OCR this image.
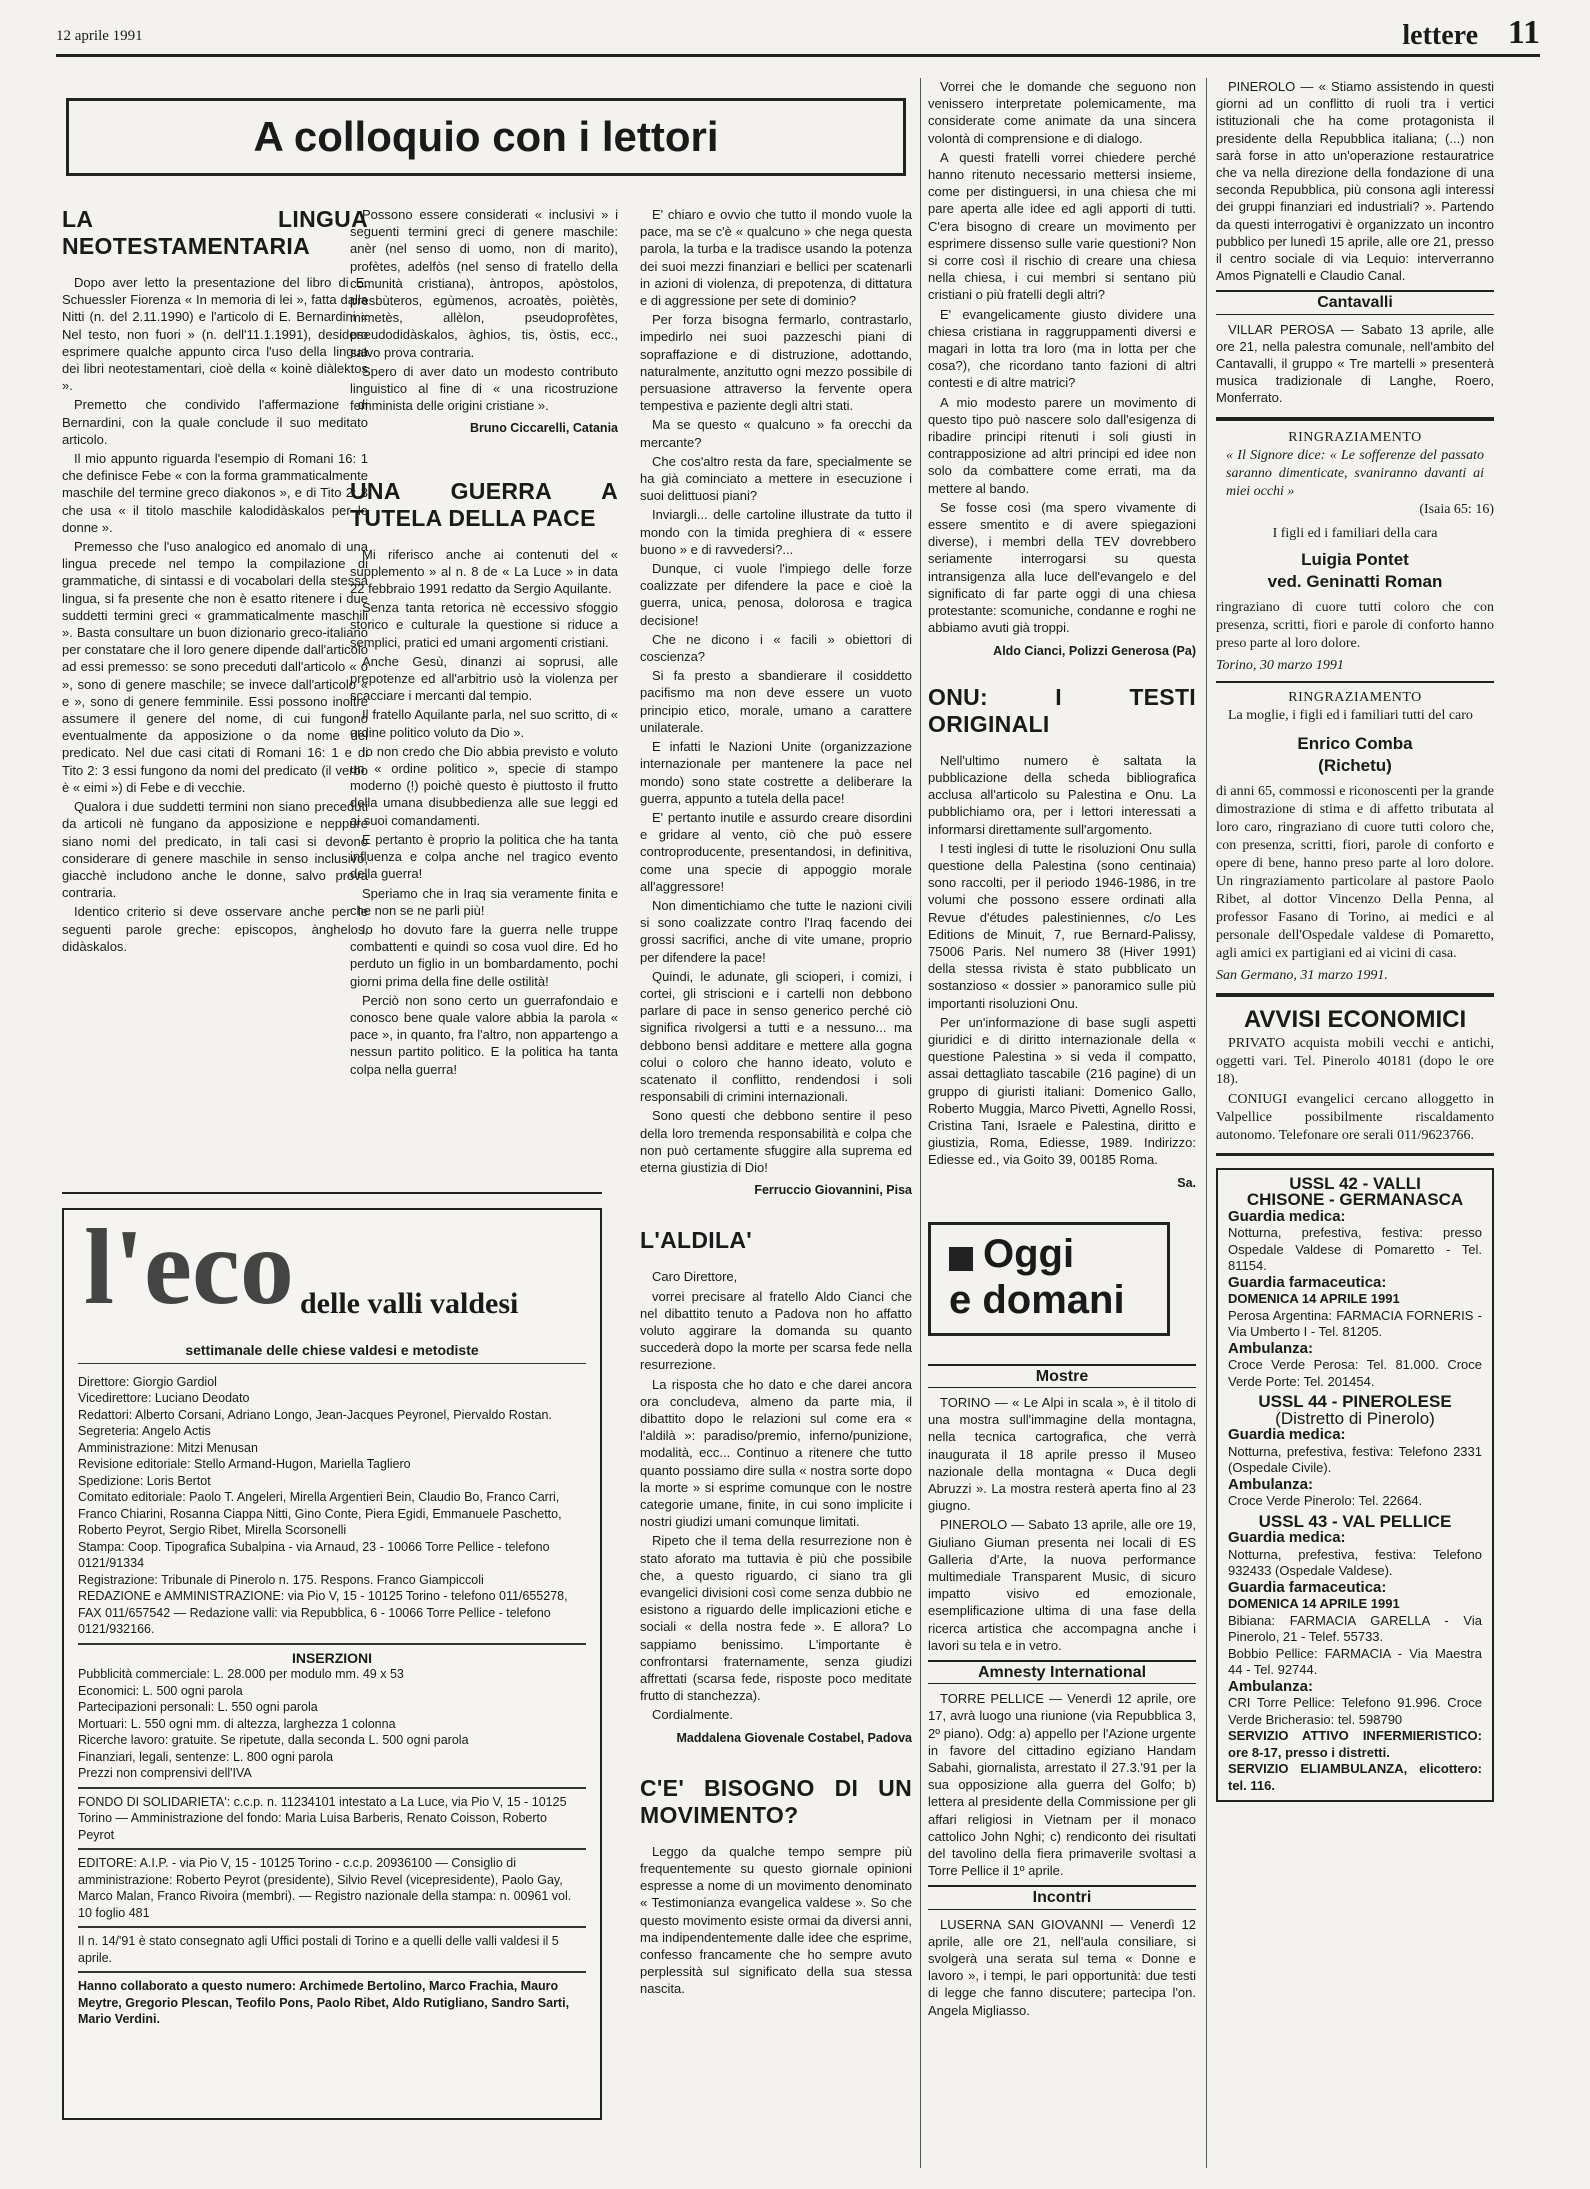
12 aprile 1991	lettere 11
A colloquio con i lettori
LA LINGUA NEOTESTAMENTARIA

Dopo aver letto la presentazione del libro di E. Schuessler Fiorenza « In memoria di lei », fatta dalla Nitti (n. del 2.11.1990) e l'articolo di E. Bernardini « Nel testo, non fuori » (n. dell'11.1.1991), desidero esprimere qualche appunto circa l'uso della lingua dei libri neotestamentari, cioè della « koinè diàlektos ».

Premetto che condivido l'affermazione di Bernardini, con la quale conclude il suo meditato articolo.

Il mio appunto riguarda l'esempio di Romani 16: 1 che definisce Febe « con la forma grammaticalmente maschile del termine greco diakonos », e di Tito 2: 3 che usa « il titolo maschile kalodidàskalos per le donne ».

Premesso che l'uso analogico ed anomalo di una lingua precede nel tempo la compilazione di grammatiche, di sintassi e di vocabolari della stessa lingua, si fa presente che non è esatto ritenere i due suddetti termini greci « grammaticalmente maschili ». Basta consultare un buon dizionario greco-italiano per constatare che il loro genere dipende dall'articolo ad essi premesso: se sono preceduti dall'articolo « o », sono di genere maschile; se invece dall'articolo « e », sono di genere femminile. Essi possono inoltre assumere il genere del nome, di cui fungono eventualmente da apposizione o da nome del predicato. Nel due casi citati di Romani 16: 1 e di Tito 2: 3 essi fungono da nomi del predicato (il verbo è « eimi ») di Febe e di vecchie.

Qualora i due suddetti termini non siano preceduti da articoli nè fungano da apposizione e neppure siano nomi del predicato, in tali casi si devono considerare di genere maschile in senso inclusivo, giacchè includono anche le donne, salvo prova contraria.

Identico criterio si deve osservare anche per le seguenti parole greche: episcopos, ànghelos, didàskalos.

Possono essere considerati « inclusivi » i seguenti termini greci di genere maschile: anèr (nel senso di uomo, non di marito), profètes, adelfòs (nel senso di fratello della comunità cristiana), àntropos, apòstolos, presbùteros, egùmenos, acroatès, poiètès, mimetès, allèlon, pseudoprofètes, pseudodidàskalos, àghios, tis, òstis, ecc., salvo prova contraria.

Spero di aver dato un modesto contributo linguistico al fine di « una ricostruzione femminista delle origini cristiane ».

Bruno Ciccarelli, Catania
UNA GUERRA A TUTELA DELLA PACE

Mi riferisco anche ai contenuti del « supplemento » al n. 8 de « La Luce » in data 22 febbraio 1991 redatto da Sergio Aquilante.

Senza tanta retorica nè eccessivo sfoggio storico e culturale la questione si riduce a semplici, pratici ed umani argomenti cristiani.

Anche Gesù, dinanzi ai soprusi, alle prepotenze ed all'arbitrio usò la violenza per scacciare i mercanti dal tempio.

Il fratello Aquilante parla, nel suo scritto, di « ordine politico voluto da Dio ».

Io non credo che Dio abbia previsto e voluto un « ordine politico », specie di stampo moderno (!) poichè questo è piuttosto il frutto della umana disubbedienza alle sue leggi ed ai suoi comandamenti.

E pertanto è proprio la politica che ha tanta influenza e colpa anche nel tragico evento della guerra!

Speriamo che in Iraq sia veramente finita e che non se ne parli più!

Io ho dovuto fare la guerra nelle truppe combattenti e quindi so cosa vuol dire. Ed ho perduto un figlio in un bombardamento, pochi giorni prima della fine delle ostilità!

Perciò non sono certo un guerrafondaio e conosco bene quale valore abbia la parola « pace », in quanto, fra l'altro, non appartengo a nessun partito politico. E la politica ha tanta colpa nella guerra!

E' chiaro e ovvio che tutto il mondo vuole la pace, ma se c'è « qualcuno » che nega questa parola, la turba e la tradisce usando la potenza dei suoi mezzi finanziari e bellici per scatenarli in azioni di violenza, di prepotenza, di dittatura e di aggressione per sete di dominio?

Per forza bisogna fermarlo, contrastarlo, impedirlo nei suoi pazzeschi piani di sopraffazione e di distruzione, adottando, naturalmente, anzitutto ogni mezzo possibile di persuasione attraverso la fervente opera tempestiva e paziente degli altri stati.

Ma se questo « qualcuno » fa orecchi da mercante?

Che cos'altro resta da fare, specialmente se ha già cominciato a mettere in esecuzione i suoi delittuosi piani?

Inviargli... delle cartoline illustrate da tutto il mondo con la timida preghiera di « essere buono » e di ravvedersi?...

Dunque, ci vuole l'impiego delle forze coalizzate per difendere la pace e cioè la guerra, unica, penosa, dolorosa e tragica decisione!

Che ne dicono i « facili » obiettori di coscienza?

Si fa presto a sbandierare il cosiddetto pacifismo ma non deve essere un vuoto principio etico, morale, umano a carattere unilaterale.

E infatti le Nazioni Unite (organizzazione internazionale per mantenere la pace nel mondo) sono state costrette a deliberare la guerra, appunto a tutela della pace!

E' pertanto inutile e assurdo creare disordini e gridare al vento, ciò che può essere controproducente, presentandosi, in definitiva, come una specie di appoggio morale all'aggressore!

Non dimentichiamo che tutte le nazioni civili si sono coalizzate contro l'Iraq facendo dei grossi sacrifici, anche di vite umane, proprio per difendere la pace!

Quindi, le adunate, gli scioperi, i comizi, i cortei, gli striscioni e i cartelli non debbono parlare di pace in senso generico perché ciò significa rivolgersi a tutti e a nessuno... ma debbono bensì additare e mettere alla gogna colui o coloro che hanno ideato, voluto e scatenato il conflitto, rendendosi i soli responsabili di crimini internazionali.

Sono questi che debbono sentire il peso della loro tremenda responsabilità e colpa che non può certamente sfuggire alla suprema ed eterna giustizia di Dio!

Ferruccio Giovannini, Pisa
L'ALDILA'

Caro Direttore,

vorrei precisare al fratello Aldo Cianci che nel dibattito tenuto a Padova non ho affatto voluto aggirare la domanda su quanto succederà dopo la morte per scarsa fede nella resurrezione.

La risposta che ho dato e che darei ancora ora concludeva, almeno da parte mia, il dibattito dopo le relazioni sul come era « l'aldilà »: paradiso/premio, inferno/punizione, modalità, ecc... Continuo a ritenere che tutto quanto possiamo dire sulla « nostra sorte dopo la morte » si esprime comunque con le nostre categorie umane, finite, in cui sono implicite i nostri giudizi umani comunque limitati.

Ripeto che il tema della resurrezione non è stato aforato ma tuttavia è più che possibile che, a questo riguardo, ci siano tra gli evangelici divisioni così come senza dubbio ne esistono a riguardo delle implicazioni etiche e sociali « della nostra fede ». E allora? Lo sappiamo benissimo. L'importante è confrontarsi fraternamente, senza giudizi affrettati (scarsa fede, risposte poco meditate frutto di stanchezza).

Cordialmente.

Maddalena Giovenale Costabel, Padova
C'E' BISOGNO DI UN MOVIMENTO?

Leggo da qualche tempo sempre più frequentemente su questo giornale opinioni espresse a nome di un movimento denominato « Testimonianza evangelica valdese ». So che questo movimento esiste ormai da diversi anni, ma indipendentemente dalle idee che esprime, confesso francamente che ho sempre avuto perplessità sul significato della sua stessa nascita.

Vorrei che le domande che seguono non venissero interpretate polemicamente, ma considerate come animate da una sincera volontà di comprensione e di dialogo.

A questi fratelli vorrei chiedere perché hanno ritenuto necessario mettersi insieme, come per distinguersi, in una chiesa che mi pare aperta alle idee ed agli apporti di tutti. C'era bisogno di creare un movimento per esprimere dissenso sulle varie questioni? Non si corre così il rischio di creare una chiesa nella chiesa, i cui membri si sentano più cristiani o più fratelli degli altri?

E' evangelicamente giusto dividere una chiesa cristiana in raggruppamenti diversi e magari in lotta tra loro (ma in lotta per che cosa?), che ricordano tanto fazioni di altri contesti e di altre matrici?

A mio modesto parere un movimento di questo tipo può nascere solo dall'esigenza di ribadire principi ritenuti i soli giusti in contrapposizione ad altri principi ed idee non solo da combattere come errati, ma da mettere al bando.

Se fosse così (ma spero vivamente di essere smentito e di avere spiegazioni diverse), i membri della TEV dovrebbero seriamente interrogarsi su questa intransigenza alla luce dell'evangelo e del significato di far parte oggi di una chiesa protestante: scomuniche, condanne e roghi ne abbiamo avuti già troppi.

Aldo Cianci, Polizzi Generosa (Pa)
ONU: I TESTI ORIGINALI

Nell'ultimo numero è saltata la pubblicazione della scheda bibliografica acclusa all'articolo su Palestina e Onu. La pubblichiamo ora, per i lettori interessati a informarsi direttamente sull'argomento.

I testi inglesi di tutte le risoluzioni Onu sulla questione della Palestina (sono centinaia) sono raccolti, per il periodo 1946-1986, in tre volumi che possono essere ordinati alla Revue d'études palestiniennes, c/o Les Editions de Minuit, 7, rue Bernard-Palissy, 75006 Paris. Nel numero 38 (Hiver 1991) della stessa rivista è stato pubblicato un sostanzioso « dossier » panoramico sulle più importanti risoluzioni Onu.

Per un'informazione di base sugli aspetti giuridici e di diritto internazionale della « questione Palestina » si veda il compatto, assai dettagliato tascabile (216 pagine) di un gruppo di giuristi italiani: Domenico Gallo, Roberto Muggia, Marco Pivetti, Agnello Rossi, Cristina Tani, Israele e Palestina, diritto e giustizia, Roma, Ediesse, 1989. Indirizzo: Ediesse ed., via Goito 39, 00185 Roma.

Sa.
Oggi
e domani
Mostre

TORINO — « Le Alpi in scala », è il titolo di una mostra sull'immagine della montagna, nella tecnica cartografica, che verrà inaugurata il 18 aprile presso il Museo nazionale della montagna « Duca degli Abruzzi ». La mostra resterà aperta fino al 23 giugno.

PINEROLO — Sabato 13 aprile, alle ore 19, Giuliano Giuman presenta nei locali di ES Galleria d'Arte, la nuova performance multimediale Transparent Music, di sicuro impatto visivo ed emozionale, esemplificazione ultima di una fase della ricerca artistica che accompagna anche i lavori su tela e in vetro.

Amnesty International

TORRE PELLICE — Venerdì 12 aprile, ore 17, avrà luogo una riunione (via Repubblica 3, 2º piano). Odg: a) appello per l'Azione urgente in favore del cittadino egiziano Handam Sabahi, giornalista, arrestato il 27.3.'91 per la sua opposizione alla guerra del Golfo; b) lettera al presidente della Commissione per gli affari religiosi in Vietnam per il monaco cattolico John Nghi; c) rendiconto dei risultati del tavolino della fiera primaverile svoltasi a Torre Pellice il 1º aprile.

Incontri

LUSERNA SAN GIOVANNI — Venerdì 12 aprile, alle ore 21, nell'aula consiliare, si svolgerà una serata sul tema « Donne e lavoro », i tempi, le pari opportunità: due testi di legge che fanno discutere; partecipa l'on. Angela Migliasso.

PINEROLO — « Stiamo assistendo in questi giorni ad un conflitto di ruoli tra i vertici istituzionali che ha come protagonista il presidente della Repubblica italiana; (...) non sarà forse in atto un'operazione restauratrice che va nella direzione della fondazione di una seconda Repubblica, più consona agli interessi dei gruppi finanziari ed industriali? ». Partendo da questi interrogativi è organizzato un incontro pubblico per lunedì 15 aprile, alle ore 21, presso il centro sociale di via Lequio: interverranno Amos Pignatelli e Claudio Canal.

Cantavalli

VILLAR PEROSA — Sabato 13 aprile, alle ore 21, nella palestra comunale, nell'ambito del Cantavalli, il gruppo « Tre martelli » presenterà musica tradizionale di Langhe, Roero, Monferrato.

RINGRAZIAMENTO
« Il Signore dice: « Le sofferenze del passato saranno dimenticate, svaniranno davanti ai miei occhi »
(Isaia 65: 16)
I figli ed i familiari della cara
Luigia Pontet
ved. Geninatti Roman
ringraziano di cuore tutti coloro che con presenza, scritti, fiori e parole di conforto hanno preso parte al loro dolore.
Torino, 30 marzo 1991
RINGRAZIAMENTO
La moglie, i figli ed i familiari tutti del caro
Enrico Comba
(Richetu)
di anni 65, commossi e riconoscenti per la grande dimostrazione di stima e di affetto tributata al loro caro, ringraziano di cuore tutti coloro che, con presenza, scritti, fiori, parole di conforto e opere di bene, hanno preso parte al loro dolore. Un ringraziamento particolare al pastore Paolo Ribet, al dottor Vincenzo Della Penna, al professor Fasano di Torino, ai medici e al personale dell'Ospedale valdese di Pomaretto, agli amici ex partigiani ed ai vicini di casa.
San Germano, 31 marzo 1991.
AVVISI ECONOMICI

PRIVATO acquista mobili vecchi e antichi, oggetti vari. Tel. Pinerolo 40181 (dopo le ore 18).

CONIUGI evangelici cercano alloggetto in Valpellice possibilmente riscaldamento autonomo. Telefonare ore serali 011/9623766.

USSL 42 - VALLI
CHISONE - GERMANASCA
Guardia medica:
Notturna, prefestiva, festiva: presso Ospedale Valdese di Pomaretto - Tel. 81154.
Guardia farmaceutica:
DOMENICA 14 APRILE 1991
Perosa Argentina: FARMACIA FORNERIS - Via Umberto I - Tel. 81205.
Ambulanza:
Croce Verde Perosa: Tel. 81.000. Croce Verde Porte: Tel. 201454.
USSL 44 - PINEROLESE
(Distretto di Pinerolo)
Guardia medica:
Notturna, prefestiva, festiva: Telefono 2331 (Ospedale Civile).
Ambulanza:
Croce Verde Pinerolo: Tel. 22664.
USSL 43 - VAL PELLICE
Guardia medica:
Notturna, prefestiva, festiva: Telefono 932433 (Ospedale Valdese).
Guardia farmaceutica:
DOMENICA 14 APRILE 1991
Bibiana: FARMACIA GARELLA - Via Pinerolo, 21 - Telef. 55733.
Bobbio Pellice: FARMACIA - Via Maestra 44 - Tel. 92744.
Ambulanza:
CRI Torre Pellice: Telefono 91.996. Croce Verde Bricherasio: tel. 598790
SERVIZIO ATTIVO INFERMIERISTICO: ore 8-17, presso i distretti.
SERVIZIO ELIAMBULANZA, elicottero: tel. 116.
l'eco delle valli valdesi
settimanale delle chiese valdesi e metodiste

Direttore: Giorgio Gardiol

Vicedirettore: Luciano Deodato

Redattori: Alberto Corsani, Adriano Longo, Jean-Jacques Peyronel, Piervaldo Rostan.

Segreteria: Angelo Actis

Amministrazione: Mitzi Menusan

Revisione editoriale: Stello Armand-Hugon, Mariella Tagliero

Spedizione: Loris Bertot

Comitato editoriale: Paolo T. Angeleri, Mirella Argentieri Bein, Claudio Bo, Franco Carri, Franco Chiarini, Rosanna Ciappa Nitti, Gino Conte, Piera Egidi, Emmanuele Paschetto, Roberto Peyrot, Sergio Ribet, Mirella Scorsonelli

Stampa: Coop. Tipografica Subalpina - via Arnaud, 23 - 10066 Torre Pellice - telefono 0121/91334

Registrazione: Tribunale di Pinerolo n. 175. Respons. Franco Giampiccoli

REDAZIONE e AMMINISTRAZIONE: via Pio V, 15 - 10125 Torino - telefono 011/655278, FAX 011/657542 — Redazione valli: via Repubblica, 6 - 10066 Torre Pellice - telefono 0121/932166.

INSERZIONI

Pubblicità commerciale: L. 28.000 per modulo mm. 49 x 53

Economici: L. 500 ogni parola

Partecipazioni personali: L. 550 ogni parola

Mortuari: L. 550 ogni mm. di altezza, larghezza 1 colonna

Ricerche lavoro: gratuite. Se ripetute, dalla seconda L. 500 ogni parola

Finanziari, legali, sentenze: L. 800 ogni parola

Prezzi non comprensivi dell'IVA

FONDO DI SOLIDARIETA': c.c.p. n. 11234101 intestato a La Luce, via Pio V, 15 - 10125 Torino — Amministrazione del fondo: Maria Luisa Barberis, Renato Coisson, Roberto Peyrot
EDITORE: A.I.P. - via Pio V, 15 - 10125 Torino - c.c.p. 20936100 — Consiglio di amministrazione: Roberto Peyrot (presidente), Silvio Revel (vicepresidente), Paolo Gay, Marco Malan, Franco Rivoira (membri). — Registro nazionale della stampa: n. 00961 vol. 10 foglio 481
Il n. 14/'91 è stato consegnato agli Uffici postali di Torino e a quelli delle valli valdesi il 5 aprile.
Hanno collaborato a questo numero: Archimede Bertolino, Marco Frachia, Mauro Meytre, Gregorio Plescan, Teofilo Pons, Paolo Ribet, Aldo Rutigliano, Sandro Sarti, Mario Verdini.
